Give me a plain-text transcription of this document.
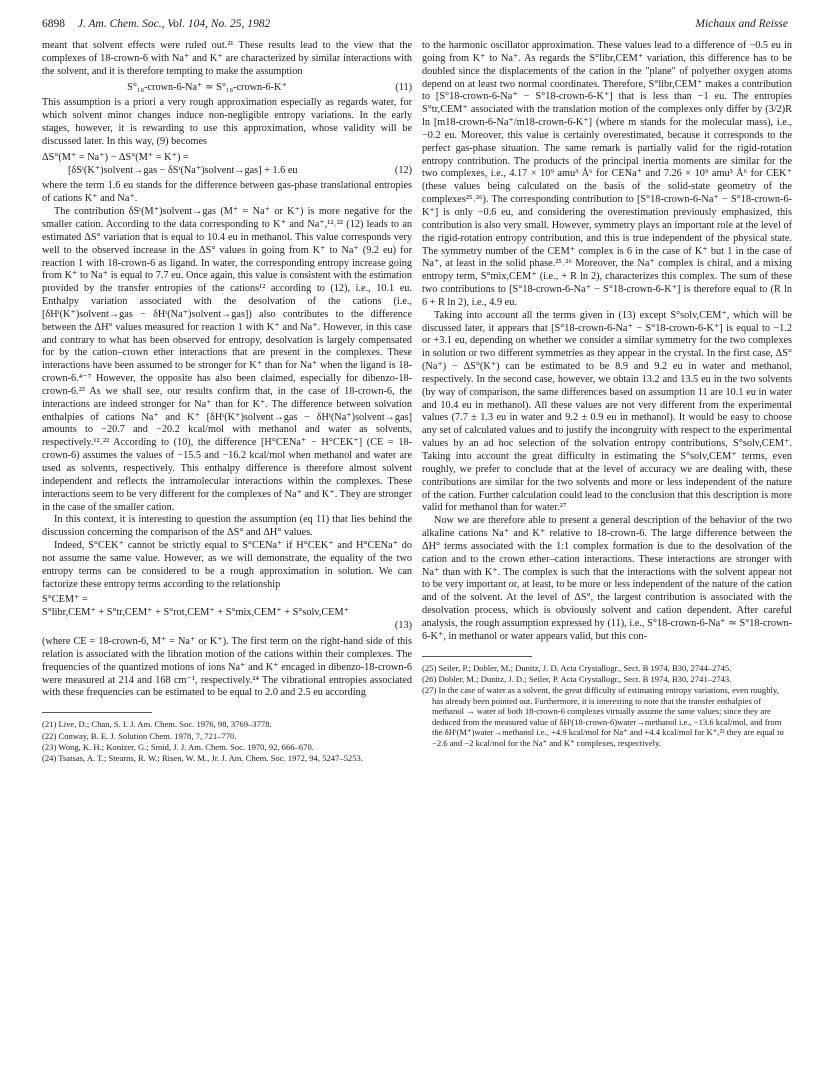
6898 J. Am. Chem. Soc., Vol. 104, No. 25, 1982	Michaux and Reisse

meant that solvent effects were ruled out.²¹ These results lead to the view that the complexes of 18-crown-6 with Na⁺ and K⁺ are characterized by similar interactions with the solvent, and it is therefore tempting to make the assumption

S°₁₈-crown-6-Na⁺ ≃ S°₁₈-crown-6-K⁺	(11)

This assumption is a priori a very rough approximation especially as regards water, for which solvent minor changes induce non-negligible entropy variations. In the early stages, however, it is rewarding to use this approximation, whose validity will be discussed later. In this way, (9) becomes

ΔS°(M⁺ = Na⁺) − ΔS°(M⁺ = K⁺) =
[δSᵗ(K⁺)solvent→gas − δSᵗ(Na⁺)solvent→gas] + 1.6 eu	(12)

where the term 1.6 eu stands for the difference between gas-phase translational entropies of cations K⁺ and Na⁺.

The contribution δSᵗ(M⁺)solvent→gas (M⁺ = Na⁺ or K⁺) is more negative for the smaller cation. According to the data corresponding to K⁺ and Na⁺,¹²˒²² (12) leads to an estimated ΔS° variation that is equal to 10.4 eu in methanol. This value corresponds very well to the observed increase in the ΔS° values in going from K⁺ to Na⁺ (9.2 eu) for reaction 1 with 18-crown-6 as ligand. In water, the corresponding entropy increase going from K⁺ to Na⁺ is equal to 7.7 eu. Once again, this value is consistent with the estimation provided by the transfer entropies of the cations¹² according to (12), i.e., 10.1 eu. Enthalpy variation associated with the desolvation of the cations (i.e., [δHᵗ(K⁺)solvent→gas − δHᵗ(Na⁺)solvent→gas]) also contributes to the difference between the ΔH° values measured for reaction 1 with K⁺ and Na⁺. However, in this case and contrary to what has been observed for entropy, desolvation is largely compensated for by the cation–crown ether interactions that are present in the complexes. These interactions have been assumed to be stronger for K⁺ than for Na⁺ when the ligand is 18-crown-6.⁴⁻⁷ However, the opposite has also been claimed, especially for dibenzo-18-crown-6.²³ As we shall see, our results confirm that, in the case of 18-crown-6, the interactions are indeed stronger for Na⁺ than for K⁺. The difference between solvation enthalpies of cations Na⁺ and K⁺ [δHᵗ(K⁺)solvent→gas − δHᵗ(Na⁺)solvent→gas] amounts to −20.7 and −20.2 kcal/mol with methanol and water as solvents, respectively.¹²˒²² According to (10), the difference [H°CENa⁺ − H°CEK⁺] (CE = 18-crown-6) assumes the values of −15.5 and −16.2 kcal/mol when methanol and water are used as solvents, respectively. This enthalpy difference is therefore almost solvent independent and reflects the intramolecular interactions within the complexes. These interactions seem to be very different for the complexes of Na⁺ and K⁺. They are stronger in the case of the smaller cation.

In this context, it is interesting to question the assumption (eq 11) that lies behind the discussion concerning the comparison of the ΔS° and ΔH° values.

Indeed, S°CEK⁺ cannot be strictly equal to S°CENa⁺ if H°CEK⁺ and H°CENa⁺ do not assume the same value. However, as we will demonstrate, the equality of the two entropy terms can be considered to be a rough approximation in solution. We can factorize these entropy terms according to the relationship

S°CEM⁺ =
S°libr,CEM⁺ + S°tr,CEM⁺ + S°rot,CEM⁺ + S°mix,CEM⁺ + S°solv,CEM⁺
(13)

(where CE = 18-crown-6, M⁺ = Na⁺ or K⁺). The first term on the right-hand side of this relation is associated with the libration motion of the cations within their complexes. The frequencies of the quantized motions of ions Na⁺ and K⁺ encaged in dibenzo-18-crown-6 were measured at 214 and 168 cm⁻¹, respectively.²⁴ The vibrational entropies associated with these frequencies can be estimated to be equal to 2.0 and 2.5 eu according

(21) Live, D.; Chan, S. I. J. Am. Chem. Soc. 1976, 98, 3769–3778.

(22) Conway, B. E. J. Solution Chem. 1978, 7, 721–770.

(23) Wong, K. H.; Konizer, G.; Smid, J. J. Am. Chem. Soc. 1970, 92, 666–670.

(24) Tsatsas, A. T.; Stearns, R. W.; Risen, W. M., Jr. J. Am. Chem. Soc. 1972, 94, 5247–5253.

to the harmonic oscillator approximation. These values lead to a difference of −0.5 eu in going from K⁺ to Na⁺. As regards the S°libr,CEM⁺ variation, this difference has to be doubled since the displacements of the cation in the "plane" of polyether oxygen atoms depend on at least two normal coordinates. Therefore, S°libr,CEM⁺ makes a contribution to [S°18-crown-6-Na⁺ − S°18-crown-6-K⁺] that is less than −1 eu. The entropies S°tr,CEM⁺ associated with the translation motion of the complexes only differ by (3/2)R ln [m18-crown-6-Na⁺/m18-crown-6-K⁺] (where m stands for the molecular mass), i.e., −0.2 eu. Moreover, this value is certainly overestimated, because it corresponds to the perfect gas-phase situation. The same remark is partially valid for the rigid-rotation entropy contribution. The products of the principal inertia moments are similar for the two complexes, i.e., 4.17 × 10⁹ amu³ Å⁶ for CENa⁺ and 7.26 × 10⁹ amu³ Å⁶ for CEK⁺ (these values being calculated on the basis of the solid-state geometry of the complexes²⁵˒²⁶). The corresponding contribution to [S°18-crown-6-Na⁺ − S°18-crown-6-K⁺] is only −0.6 eu, and considering the overestimation previously emphasized, this contribution is also very small. However, symmetry plays an important role at the level of the rigid-rotation entropy contribution, and this is true independent of the physical state. The symmetry number of the CEM⁺ complex is 6 in the case of K⁺ but 1 in the case of Na⁺, at least in the solid phase.²⁵˒²⁶ Moreover, the Na⁺ complex is chiral, and a mixing entropy term, S°mix,CEM⁺ (i.e., + R ln 2), characterizes this complex. The sum of these two contributions to [S°18-crown-6-Na⁺ − S°18-crown-6-K⁺] is therefore equal to (R ln 6 + R ln 2), i.e., 4.9 eu.

Taking into account all the terms given in (13) except S°solv,CEM⁺, which will be discussed later, it appears that [S°18-crown-6-Na⁺ − S°18-crown-6-K⁺] is equal to −1.2 or +3.1 eu, depending on whether we consider a similar symmetry for the two complexes in solution or two different symmetries as they appear in the crystal. In the first case, ΔS°(Na⁺) − ΔS°(K⁺) can be estimated to be 8.9 and 9.2 eu in water and methanol, respectively. In the second case, however, we obtain 13.2 and 13.5 eu in the two solvents (by way of comparison, the same differences based on assumption 11 are 10.1 eu in water and 10.4 eu in methanol). All these values are not very different from the experimental values (7.7 ± 1.3 eu in water and 9.2 ± 0.9 eu in methanol). It would be easy to choose any set of calculated values and to justify the incongruity with respect to the experimental values by an ad hoc selection of the solvation entropy contributions, S°solv,CEM⁺. Taking into account the great difficulty in estimating the S°solv,CEM⁺ terms, even roughly, we prefer to conclude that at the level of accuracy we are dealing with, these contributions are similar for the two solvents and more or less independent of the nature of the cation. Further calculation could lead to the conclusion that this description is more valid for methanol than for water.²⁷

Now we are therefore able to present a general description of the behavior of the two alkaline cations Na⁺ and K⁺ relative to 18-crown-6. The large difference between the ΔH° terms associated with the 1:1 complex formation is due to the desolvation of the cation and to the crown ether–cation interactions. These interactions are stronger with Na⁺ than with K⁺. The complex is such that the interactions with the solvent appear not to be very important or, at least, to be more or less independent of the nature of the cation and of the solvent. At the level of ΔS°, the largest contribution is associated with the desolvation process, which is obviously solvent and cation dependent. After careful analysis, the rough assumption expressed by (11), i.e., S°18-crown-6-Na⁺ ≃ S°18-crown-6-K⁺, in methanol or water appears valid, but this con-

(25) Seiler, P.; Dobler, M.; Dunitz, J. D. Acta Crystallogr., Sect. B 1974, B30, 2744–2745.

(26) Dobler, M.; Dunitz, J. D.; Seiler, P. Acta Crystallogr., Sect. B 1974, B30, 2741–2743.

(27) In the case of water as a solvent, the great difficulty of estimating entropy variations, even roughly, has already been pointed out. Furthermore, it is interesting to note that the transfer enthalpies of methanol → water of both 18-crown-6 complexes virtually assume the same values; since they are deduced from the measured value of δHᵗ(18-crown-6)water→methanol i.e., −13.6 kcal/mol, and from the δHᵗ(M⁺)water→methanol i.e., +4.9 kcal/mol for Na⁺ and +4.4 kcal/mol for K⁺,²² they are equal to −2.6 and −2 kcal/mol for the Na⁺ and K⁺ complexes, respectively.
